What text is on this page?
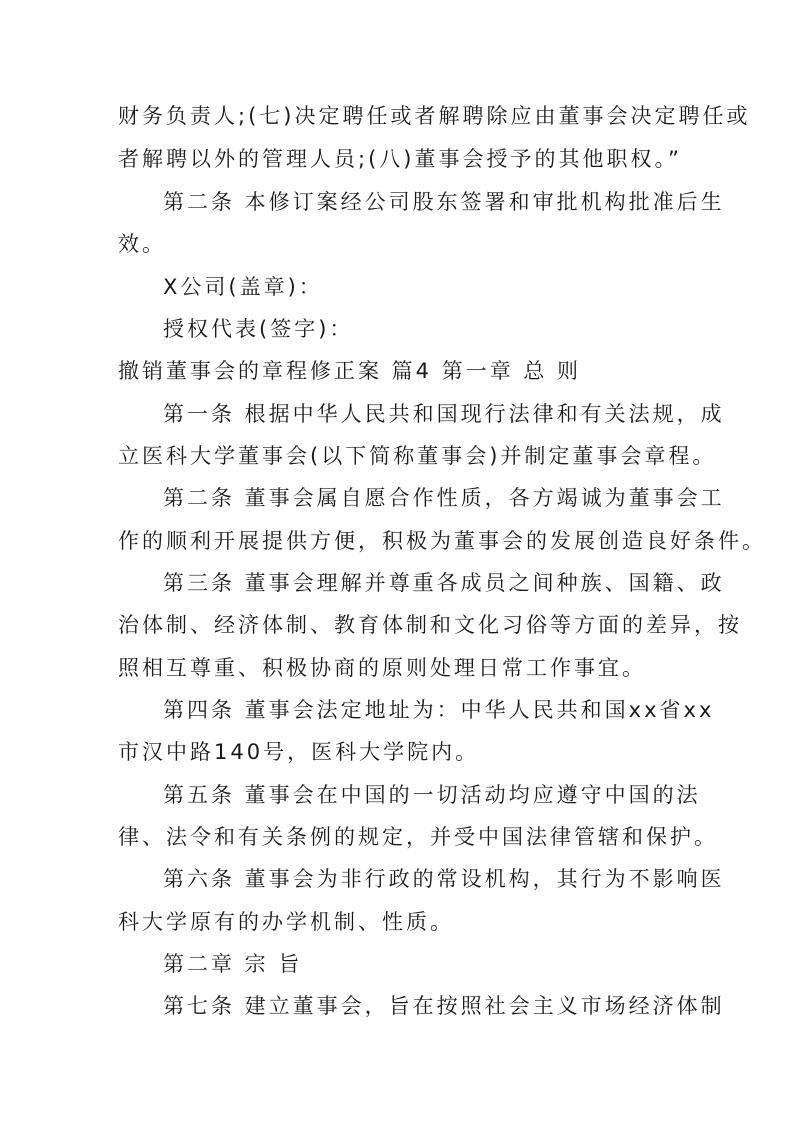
财务负责人;(七)决定聘任或者解聘除应由董事会决定聘任或
者解聘以外的管理人员;(八)董事会授予的其他职权。”
第二条 本修订案经公司股东签署和审批机构批准后生
效。
X公司(盖章)：
授权代表(签字)：
撤销董事会的章程修正案 篇4 第一章 总 则
第一条 根据中华人民共和国现行法律和有关法规，成
立医科大学董事会(以下简称董事会)并制定董事会章程。
第二条 董事会属自愿合作性质，各方竭诚为董事会工
作的顺利开展提供方便，积极为董事会的发展创造良好条件。
第三条 董事会理解并尊重各成员之间种族、国籍、政
治体制、经济体制、教育体制和文化习俗等方面的差异，按
照相互尊重、积极协商的原则处理日常工作事宜。
第四条 董事会法定地址为：中华人民共和国xx省xx
市汉中路140号，医科大学院内。
第五条 董事会在中国的一切活动均应遵守中国的法
律、法令和有关条例的规定，并受中国法律管辖和保护。
第六条 董事会为非行政的常设机构，其行为不影响医
科大学原有的办学机制、性质。
第二章 宗 旨
第七条 建立董事会，旨在按照社会主义市场经济体制
